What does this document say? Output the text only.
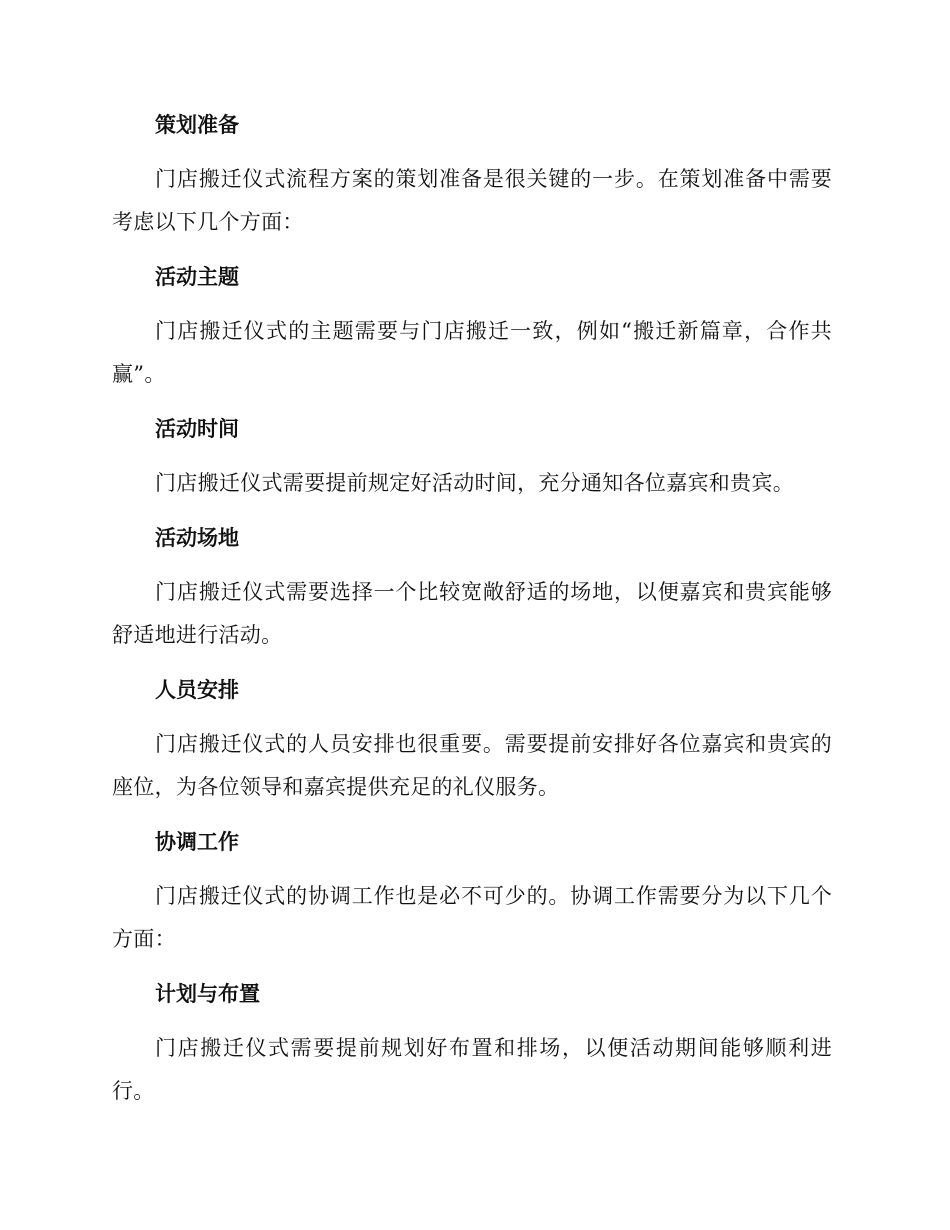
策划准备

门店搬迁仪式流程方案的策划准备是很关键的一步。在策划准备中需要考虑以下几个方面：

活动主题

门店搬迁仪式的主题需要与门店搬迁一致，例如“搬迁新篇章，合作共赢”。

活动时间

门店搬迁仪式需要提前规定好活动时间，充分通知各位嘉宾和贵宾。

活动场地

门店搬迁仪式需要选择一个比较宽敞舒适的场地，以便嘉宾和贵宾能够舒适地进行活动。

人员安排

门店搬迁仪式的人员安排也很重要。需要提前安排好各位嘉宾和贵宾的座位，为各位领导和嘉宾提供充足的礼仪服务。

协调工作

门店搬迁仪式的协调工作也是必不可少的。协调工作需要分为以下几个方面：

计划与布置

门店搬迁仪式需要提前规划好布置和排场，以便活动期间能够顺利进行。
